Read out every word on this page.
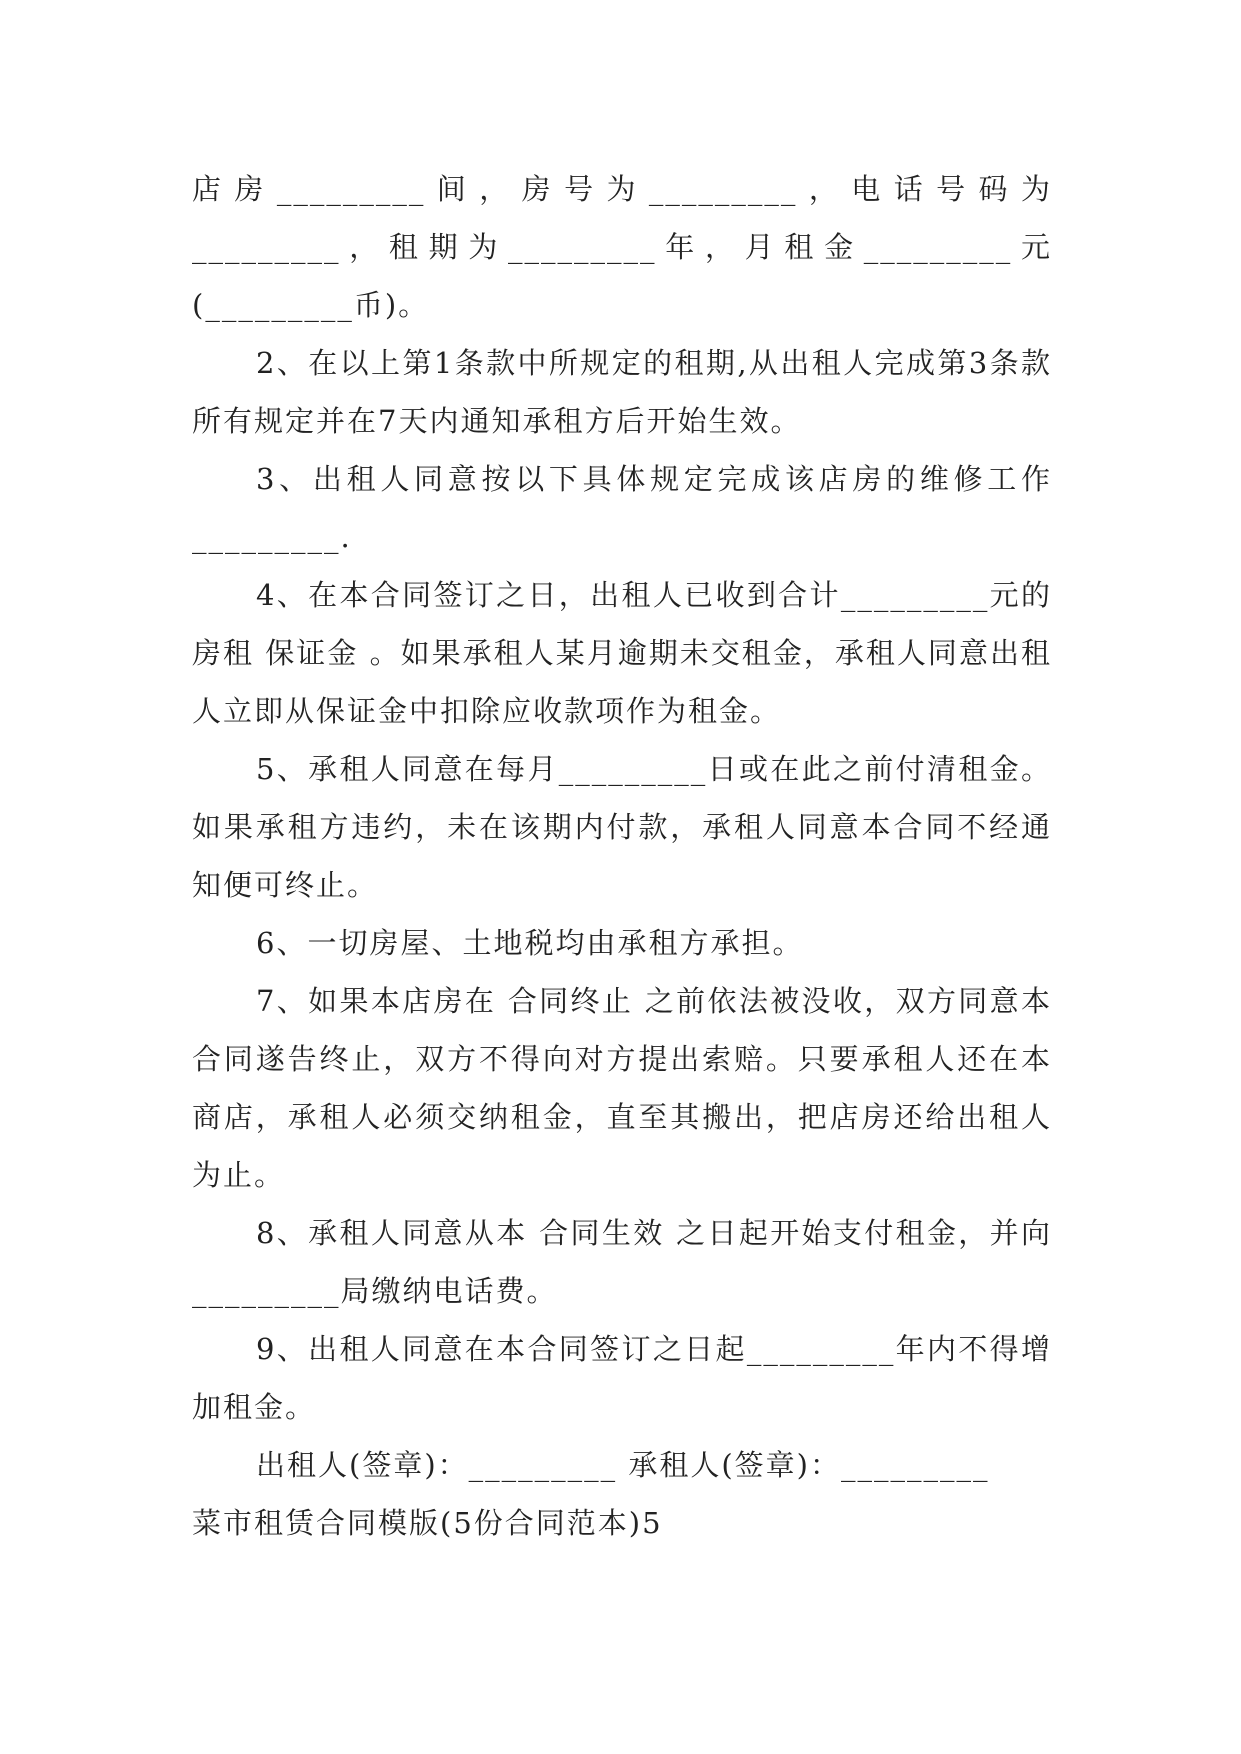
店房_________间，房号为_________，电话号码为_________，租期为_________年，月租金_________元(_________币)。

2、在以上第1条款中所规定的租期,从出租人完成第3条款所有规定并在7天内通知承租方后开始生效。

3、出租人同意按以下具体规定完成该店房的维修工作_________.

4、在本合同签订之日，出租人已收到合计_________元的房租 保证金 。如果承租人某月逾期未交租金，承租人同意出租人立即从保证金中扣除应收款项作为租金。

5、承租人同意在每月_________日或在此之前付清租金。如果承租方违约，未在该期内付款，承租人同意本合同不经通知便可终止。

6、一切房屋、土地税均由承租方承担。

7、如果本店房在 合同终止 之前依法被没收，双方同意本合同遂告终止，双方不得向对方提出索赔。只要承租人还在本商店，承租人必须交纳租金，直至其搬出，把店房还给出租人为止。

8、承租人同意从本 合同生效 之日起开始支付租金，并向_________局缴纳电话费。

9、出租人同意在本合同签订之日起_________年内不得增加租金。

出租人(签章)：_________ 承租人(签章)：_________

菜市租赁合同模版(5份合同范本)5
